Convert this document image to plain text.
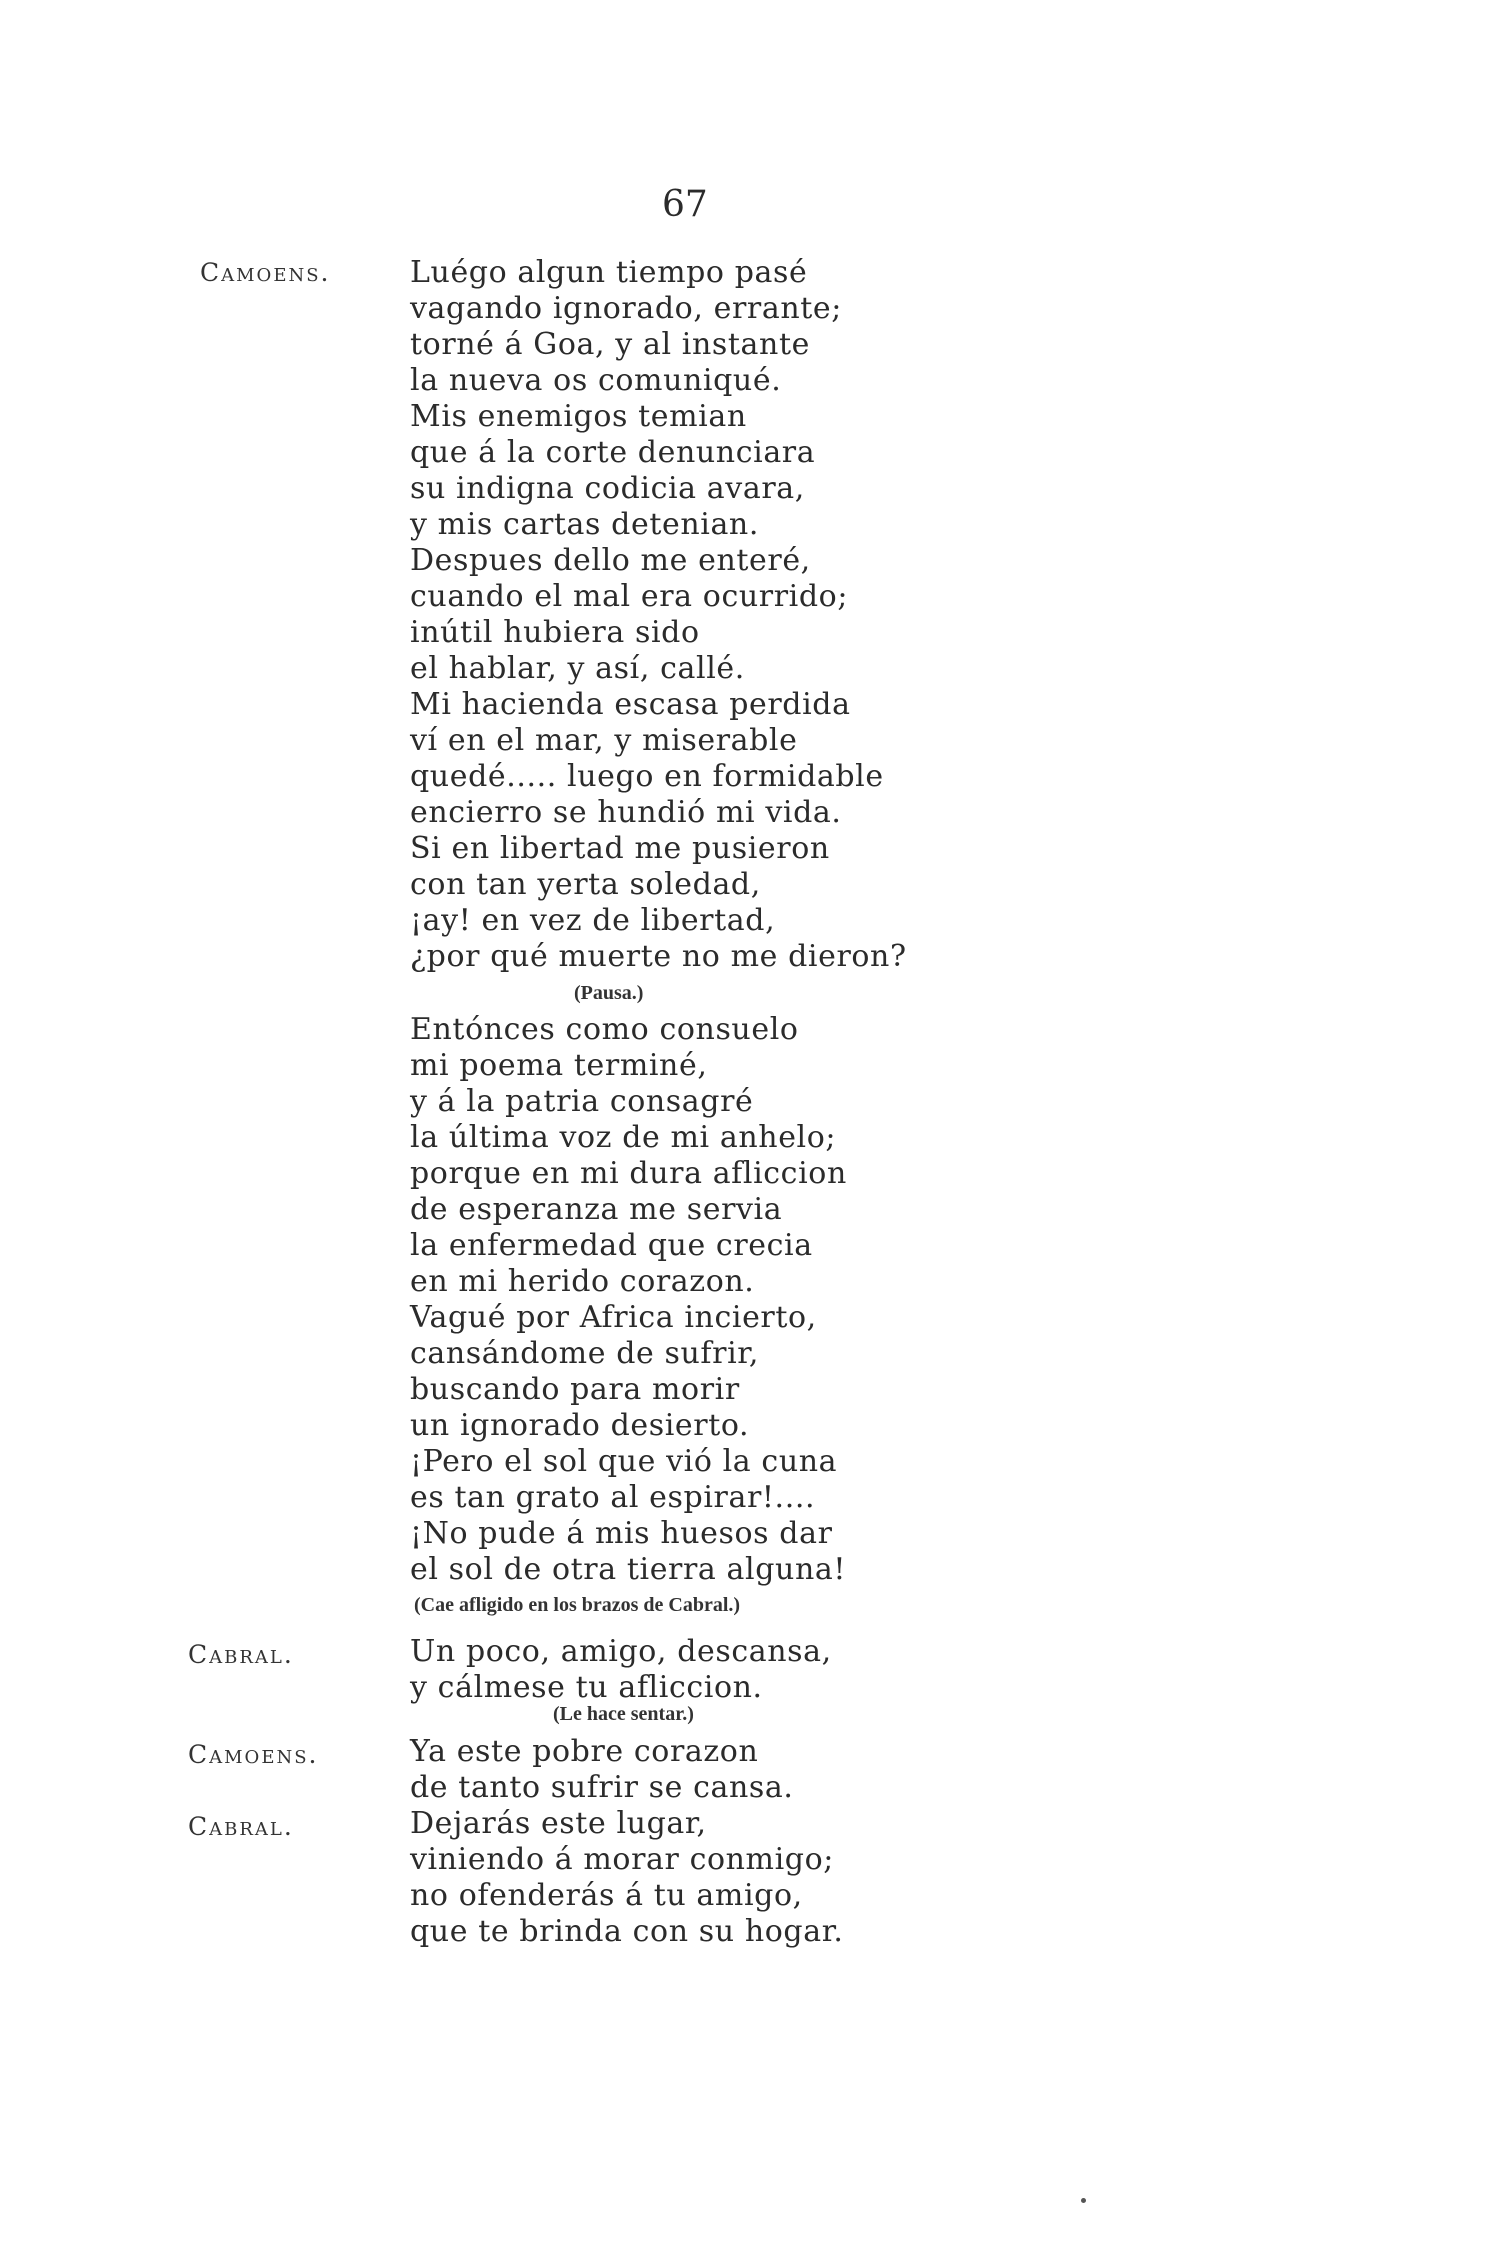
67
Camoens.
Cabral.
Camoens.
Cabral.
Luégo algun tiempo pasé
vagando ignorado, errante;
torné á Goa, y al instante
la nueva os comuniqué.
Mis enemigos temian
que á la corte denunciara
su indigna codicia avara,
y mis cartas detenian.
Despues dello me enteré,
cuando el mal era ocurrido;
inútil hubiera sido
el hablar, y así, callé.
Mi hacienda escasa perdida
ví en el mar, y miserable
quedé..... luego en formidable
encierro se hundió mi vida.
Si en libertad me pusieron
con tan yerta soledad,
¡ay! en vez de libertad,
¿por qué muerte no me dieron?
(Pausa.)
Entónces como consuelo
mi poema terminé,
y á la patria consagré
la última voz de mi anhelo;
porque en mi dura afliccion
de esperanza me servia
la enfermedad que crecia
en mi herido corazon.
Vagué por Africa incierto,
cansándome de sufrir,
buscando para morir
un ignorado desierto.
¡Pero el sol que vió la cuna
es tan grato al espirar!....
¡No pude á mis huesos dar
el sol de otra tierra alguna!
(Cae afligido en los brazos de Cabral.)
Un poco, amigo, descansa,
y cálmese tu afliccion.
(Le hace sentar.)
Ya este pobre corazon
de tanto sufrir se cansa.
Dejarás este lugar,
viniendo á morar conmigo;
no ofenderás á tu amigo,
que te brinda con su hogar.
